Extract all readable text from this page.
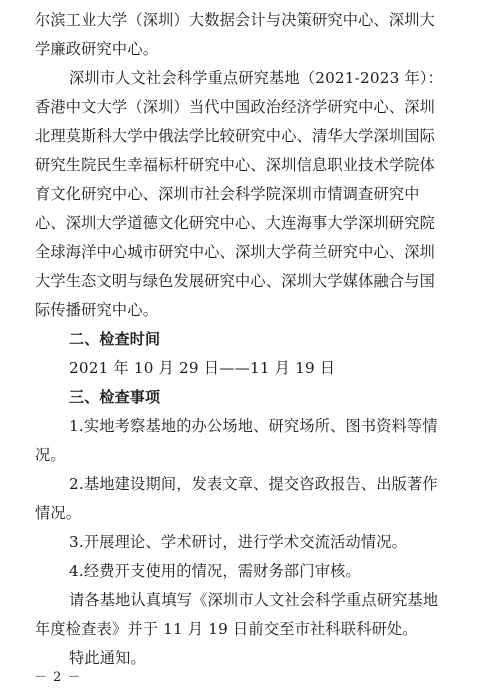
尔滨工业大学（深圳）大数据会计与决策研究中心、深圳大
学廉政研究中心。
深圳市人文社会科学重点研究基地（2021-2023 年）：
香港中文大学（深圳）当代中国政治经济学研究中心、深圳
北理莫斯科大学中俄法学比较研究中心、清华大学深圳国际
研究生院民生幸福标杆研究中心、深圳信息职业技术学院体
育文化研究中心、深圳市社会科学院深圳市情调查研究中
心、深圳大学道德文化研究中心、大连海事大学深圳研究院
全球海洋中心城市研究中心、深圳大学荷兰研究中心、深圳
大学生态文明与绿色发展研究中心、深圳大学媒体融合与国
际传播研究中心。
二、检查时间
2021 年 10 月 29 日——11 月 19 日
三、检查事项
1.实地考察基地的办公场地、研究场所、图书资料等情
况。
2.基地建设期间，发表文章、提交咨政报告、出版著作
情况。
3.开展理论、学术研讨，进行学术交流活动情况。
4.经费开支使用的情况，需财务部门审核。
请各基地认真填写《深圳市人文社会科学重点研究基地
年度检查表》并于 11 月 19 日前交至市社科联科研处。
特此通知。
－ 2 －
